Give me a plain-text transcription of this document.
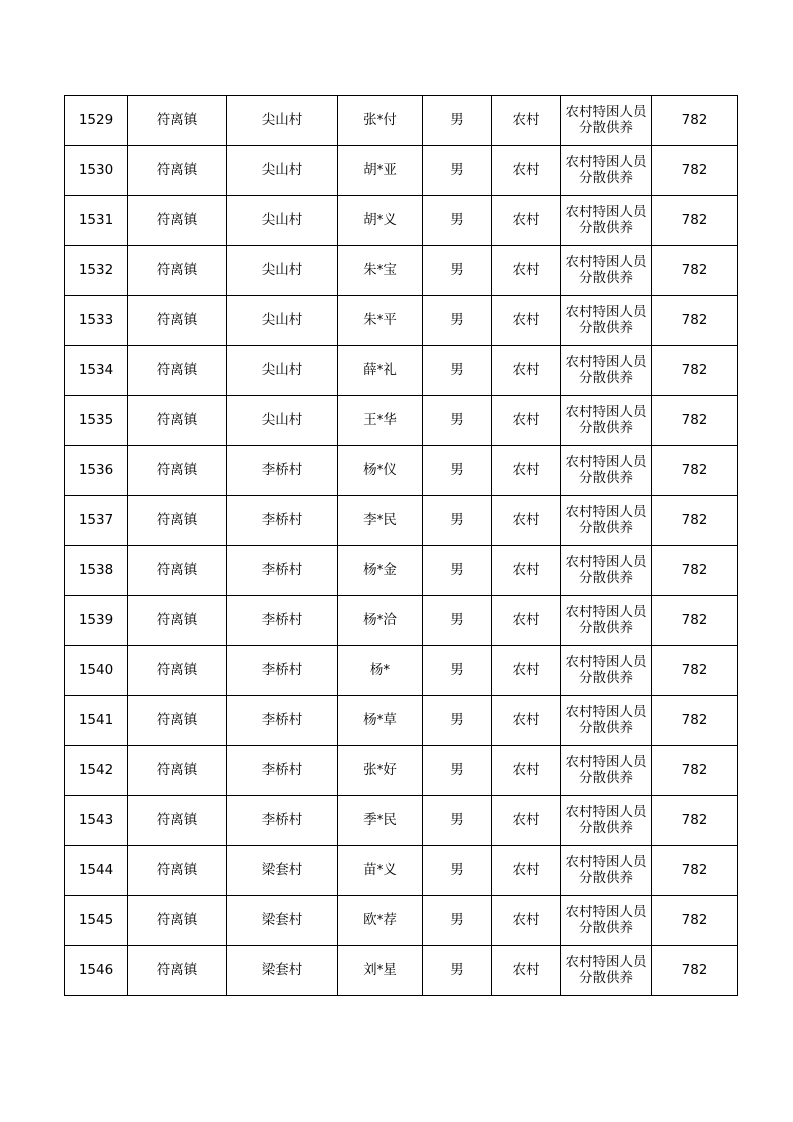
1529	符离镇	尖山村	张*付	男	农村	农村特困人员分散供养	782
1530	符离镇	尖山村	胡*亚	男	农村	农村特困人员分散供养	782
1531	符离镇	尖山村	胡*义	男	农村	农村特困人员分散供养	782
1532	符离镇	尖山村	朱*宝	男	农村	农村特困人员分散供养	782
1533	符离镇	尖山村	朱*平	男	农村	农村特困人员分散供养	782
1534	符离镇	尖山村	薛*礼	男	农村	农村特困人员分散供养	782
1535	符离镇	尖山村	王*华	男	农村	农村特困人员分散供养	782
1536	符离镇	李桥村	杨*仪	男	农村	农村特困人员分散供养	782
1537	符离镇	李桥村	李*民	男	农村	农村特困人员分散供养	782
1538	符离镇	李桥村	杨*金	男	农村	农村特困人员分散供养	782
1539	符离镇	李桥村	杨*洽	男	农村	农村特困人员分散供养	782
1540	符离镇	李桥村	杨*	男	农村	农村特困人员分散供养	782
1541	符离镇	李桥村	杨*草	男	农村	农村特困人员分散供养	782
1542	符离镇	李桥村	张*好	男	农村	农村特困人员分散供养	782
1543	符离镇	李桥村	季*民	男	农村	农村特困人员分散供养	782
1544	符离镇	梁套村	苗*义	男	农村	农村特困人员分散供养	782
1545	符离镇	梁套村	欧*荐	男	农村	农村特困人员分散供养	782
1546	符离镇	梁套村	刘*星	男	农村	农村特困人员分散供养	782
